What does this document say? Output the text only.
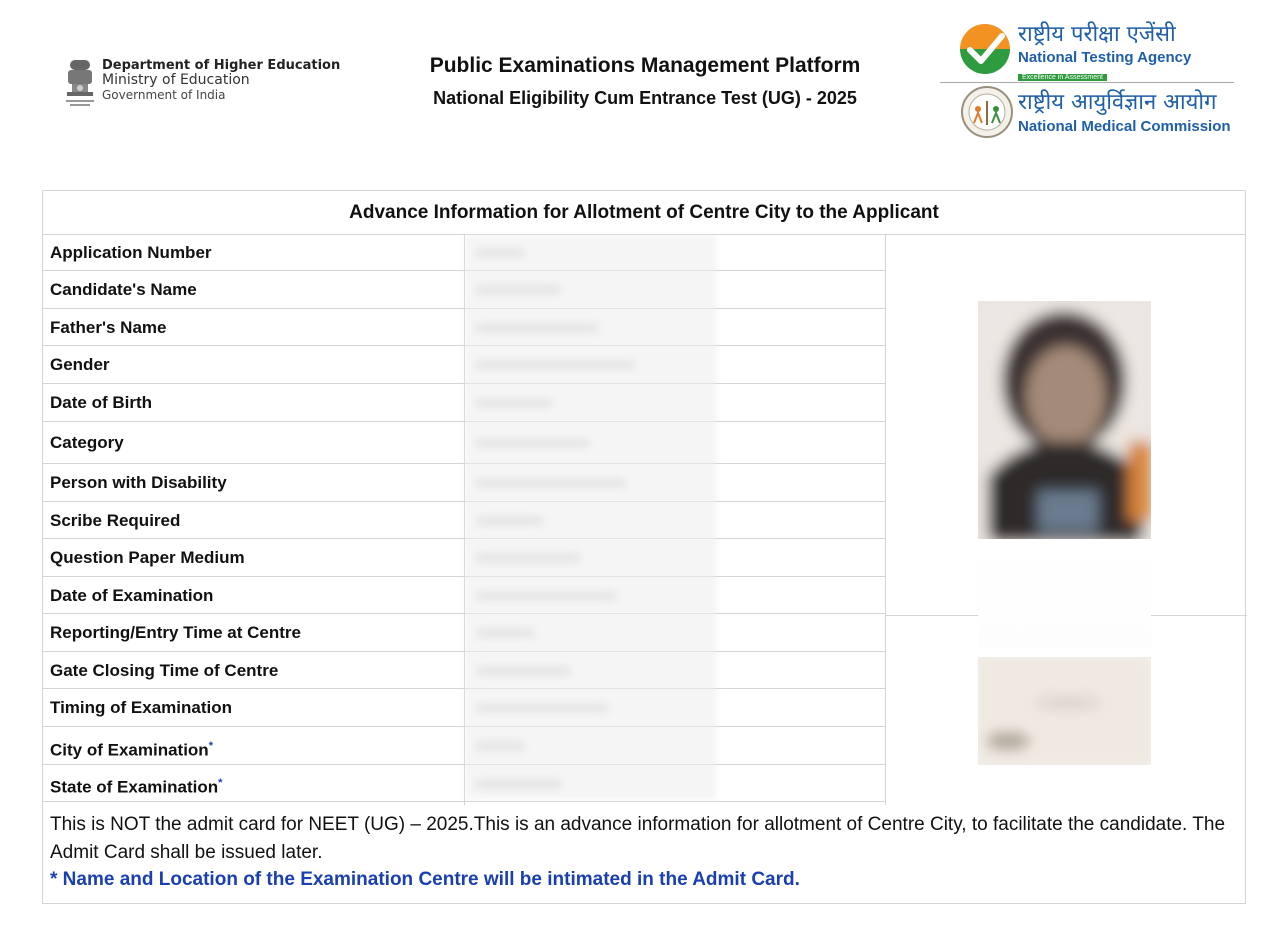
Department of Higher Education
Ministry of Education
Government of India
Public Examinations Management Platform
National Eligibility Cum Entrance Test (UG) - 2025
राष्ट्रीय परीक्षा एजेंसी
National Testing Agency
Excellence in Assessment
राष्ट्रीय आयुर्विज्ञान आयोग
National Medical Commission
Advance Information for Allotment of Centre City to the Applicant
Application Number
Candidate's Name
Father's Name
Gender
Date of Birth
Category
Person with Disability
Scribe Required
Question Paper Medium
Date of Examination
Reporting/Entry Time at Centre
Gate Closing Time of Centre
Timing of Examination
City of Examination*
State of Examination*
This is NOT the admit card for NEET (UG) – 2025.This is an advance information for allotment of Centre City, to facilitate the candidate. The Admit Card shall be issued later.
* Name and Location of the Examination Centre will be intimated in the Admit Card.
